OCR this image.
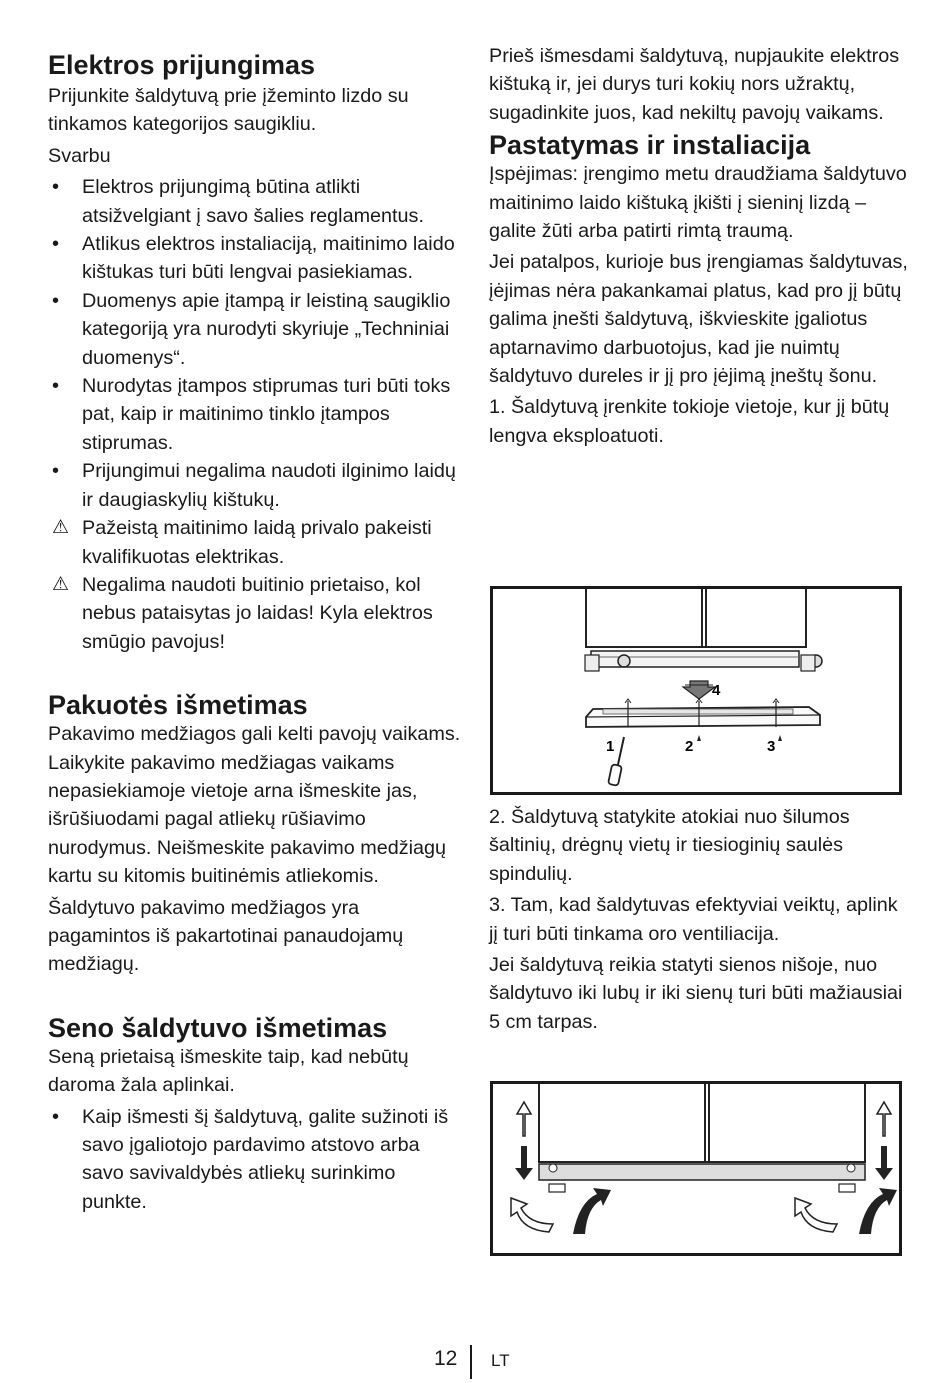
Elektros prijungimas

Prijunkite šaldytuvą prie įžeminto lizdo su tinkamos kategorijos saugikliu.

Svarbu

•	Elektros prijungimą būtina atlikti atsižvelgiant į savo šalies reglamentus.
•	Atlikus elektros instaliaciją, maitinimo laido kištukas turi būti lengvai pasiekiamas.
•	Duomenys apie įtampą ir leistiną saugiklio kategoriją yra nurodyti skyriuje „Techniniai duomenys“.
•	Nurodytas įtampos stiprumas turi būti toks pat, kaip ir maitinimo tinklo įtampos stiprumas.
•	Prijungimui negalima naudoti ilginimo laidų ir daugiaskylių kištukų.
⚠ Pažeistą maitinimo laidą privalo pakeisti kvalifikuotas elektrikas.
⚠ Negalima naudoti buitinio prietaiso, kol nebus pataisytas jo laidas! Kyla elektros smūgio pavojus!
Pakuotės išmetimas

Pakavimo medžiagos gali kelti pavojų vaikams. Laikykite pakavimo medžiagas vaikams nepasiekiamoje vietoje arna išmeskite jas, išrūšiuodami pagal atliekų rūšiavimo nurodymus. Neišmeskite pakavimo medžiagų kartu su kitomis buitinėmis atliekomis.

Šaldytuvo pakavimo medžiagos yra pagamintos iš pakartotinai panaudojamų medžiagų.

Seno šaldytuvo išmetimas

Seną prietaisą išmeskite taip, kad nebūtų daroma žala aplinkai.

•	Kaip išmesti šį šaldytuvą, galite sužinoti iš savo įgaliotojo pardavimo atstovo arba savo savivaldybės atliekų surinkimo punkte.

Prieš išmesdami šaldytuvą, nupjaukite elektros kištuką ir, jei durys turi kokių nors užraktų, sugadinkite juos, kad nekiltų pavojų vaikams.

Pastatymas ir instaliacija

Įspėjimas: įrengimo metu draudžiama šaldytuvo maitinimo laido kištuką įkišti į sieninį lizdą – galite žūti arba patirti rimtą traumą.

Jei patalpos, kurioje bus įrengiamas šaldytuvas, įėjimas nėra pakankamai platus, kad pro jį būtų galima įnešti šaldytuvą, iškvieskite įgaliotus aptarnavimo darbuotojus, kad jie nuimtų šaldytuvo dureles ir jį pro įėjimą įneštų šonu.

1. Šaldytuvą įrenkite tokioje vietoje, kur jį būtų lengva eksploatuoti.

2. Šaldytuvą statykite atokiai nuo šilumos šaltinių, drėgnų vietų ir tiesioginių saulės spindulių.

3. Tam, kad šaldytuvas efektyviai veiktų, aplink jį turi būti tinkama oro ventiliacija.

Jei šaldytuvą reikia statyti sienos nišoje, nuo šaldytuvo iki lubų ir iki sienų turi būti mažiausiai 5 cm tarpas.

4
1	2	3
12 LT
